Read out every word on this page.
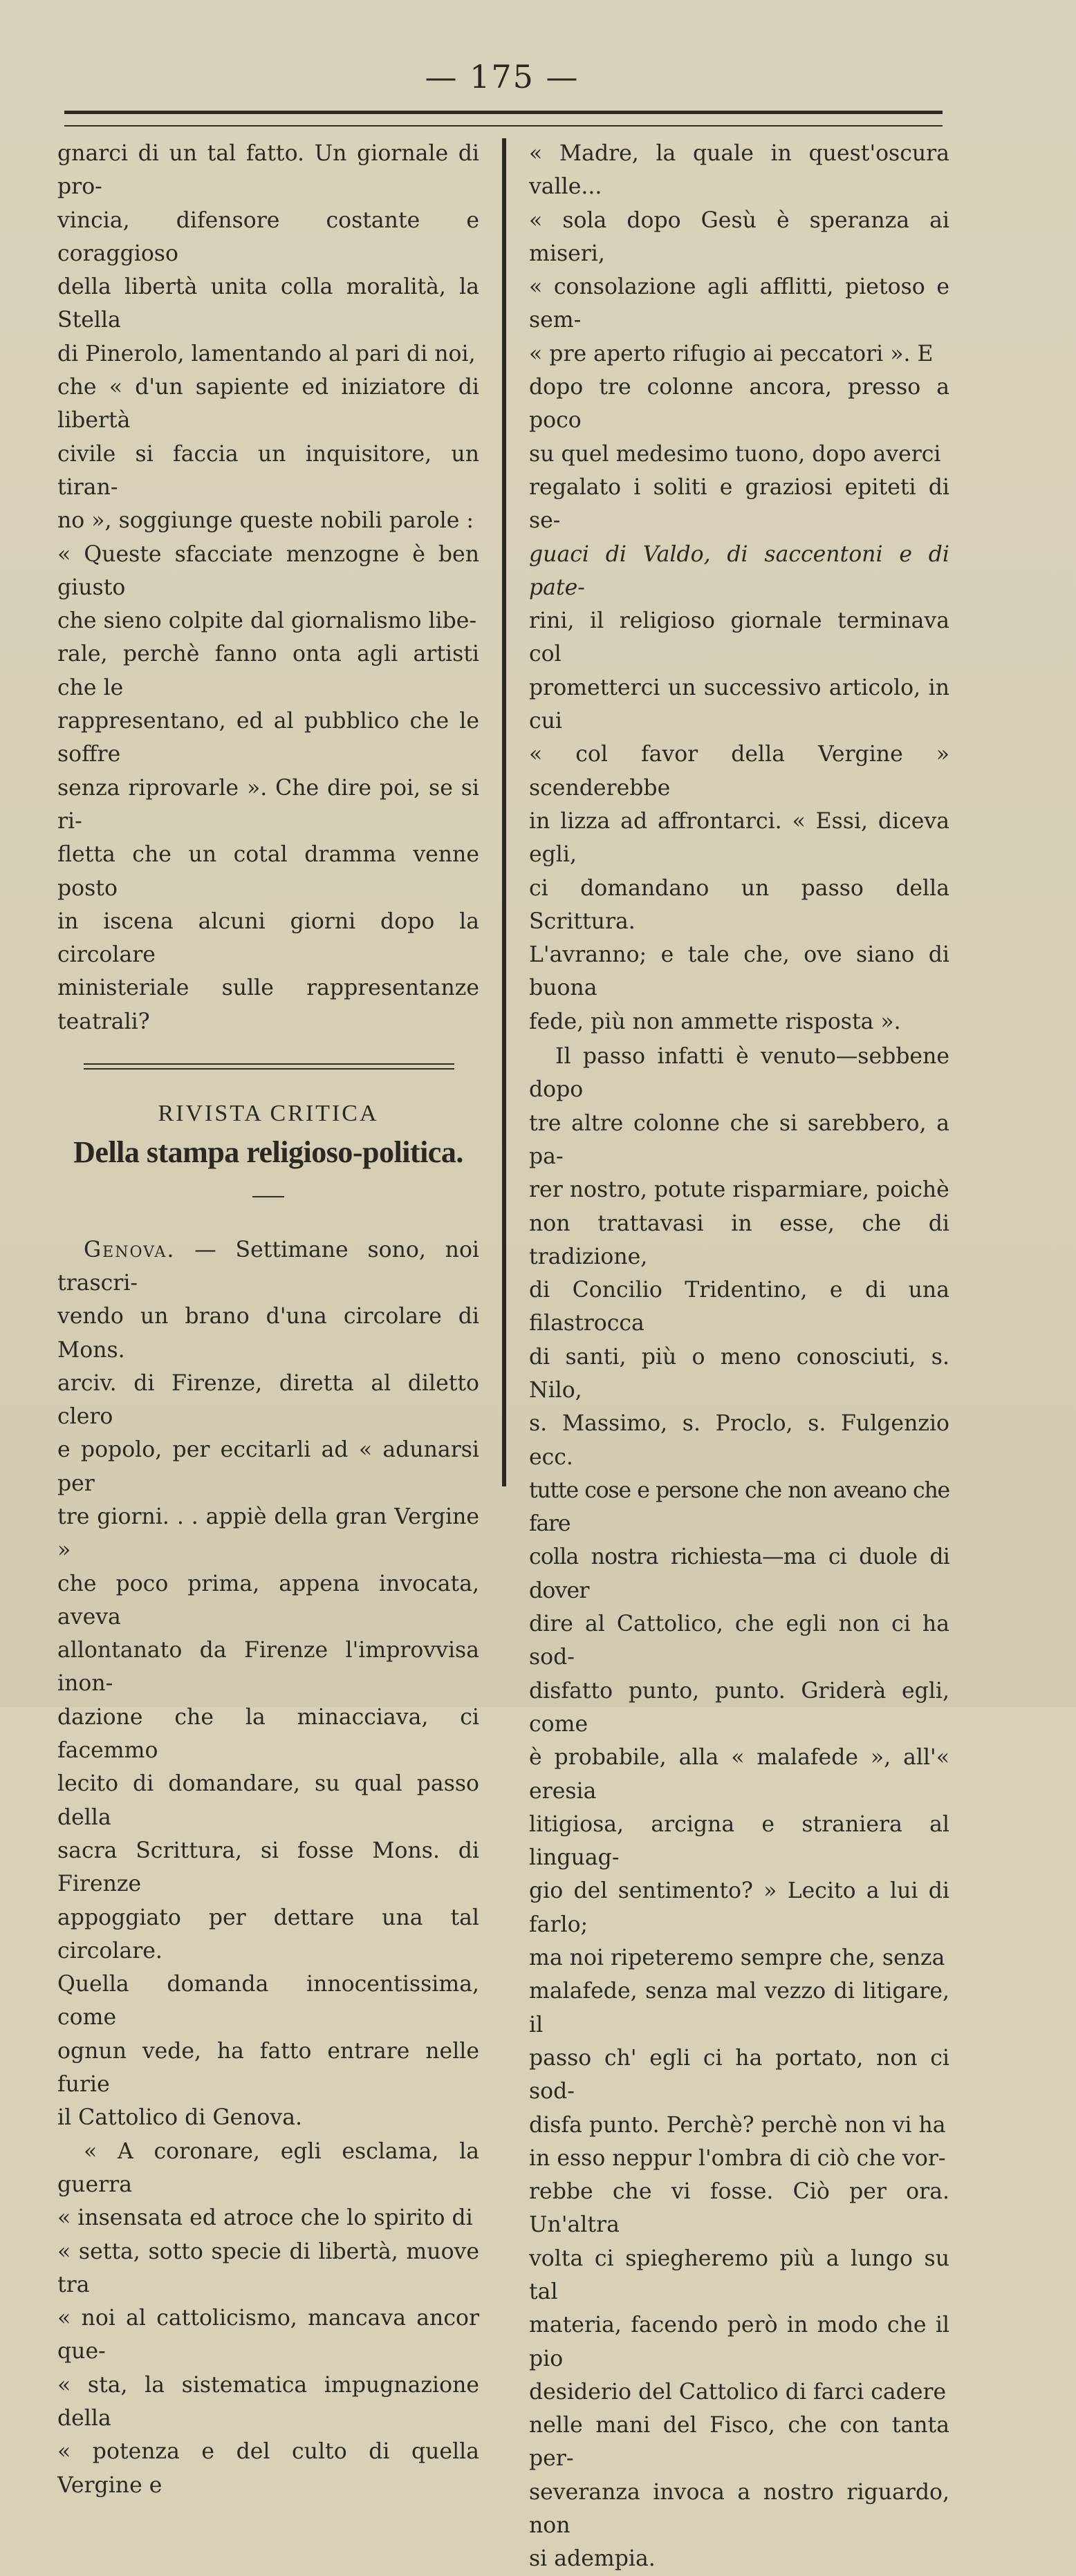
— 175 —
gnarci di un tal fatto. Un giornale di pro-
vincia, difensore costante e coraggioso
della libertà unita colla moralità, la Stella
di Pinerolo, lamentando al pari di noi,
che « d'un sapiente ed iniziatore di libertà
civile si faccia un inquisitore, un tiran-
no », soggiunge queste nobili parole :
« Queste sfacciate menzogne è ben giusto
che sieno colpite dal giornalismo libe-
rale, perchè fanno onta agli artisti che le
rappresentano, ed al pubblico che le soffre
senza riprovarle ». Che dire poi, se si ri-
fletta che un cotal dramma venne posto
in iscena alcuni giorni dopo la circolare
ministeriale sulle rappresentanze teatrali?
RIVISTA CRITICA
Della stampa religioso-politica.
Genova. — Settimane sono, noi trascri-
vendo un brano d'una circolare di Mons.
arciv. di Firenze, diretta al diletto clero
e popolo, per eccitarli ad « adunarsi per
tre giorni. . . appiè della gran Vergine »
che poco prima, appena invocata, aveva
allontanato da Firenze l'improvvisa inon-
dazione che la minacciava, ci facemmo
lecito di domandare, su qual passo della
sacra Scrittura, si fosse Mons. di Firenze
appoggiato per dettare una tal circolare.
Quella domanda innocentissima, come
ognun vede, ha fatto entrare nelle furie
il Cattolico di Genova.
« A coronare, egli esclama, la guerra
« insensata ed atroce che lo spirito di
« setta, sotto specie di libertà, muove tra
« noi al cattolicismo, mancava ancor que-
« sta, la sistematica impugnazione della
« potenza e del culto di quella Vergine e
« Madre, la quale in quest'oscura valle...
« sola dopo Gesù è speranza ai miseri,
« consolazione agli afflitti, pietoso e sem-
« pre aperto rifugio ai peccatori ». E
dopo tre colonne ancora, presso a poco
su quel medesimo tuono, dopo averci
regalato i soliti e graziosi epiteti di se-
guaci di Valdo, di saccentoni e di pate-
rini, il religioso giornale terminava col
prometterci un successivo articolo, in cui
« col favor della Vergine » scenderebbe
in lizza ad affrontarci. « Essi, diceva egli,
ci domandano un passo della Scrittura.
L'avranno; e tale che, ove siano di buona
fede, più non ammette risposta ».
Il passo infatti è venuto—sebbene dopo
tre altre colonne che si sarebbero, a pa-
rer nostro, potute risparmiare, poichè
non trattavasi in esse, che di tradizione,
di Concilio Tridentino, e di una filastrocca
di santi, più o meno conosciuti, s. Nilo,
s. Massimo, s. Proclo, s. Fulgenzio ecc.
tutte cose e persone che non aveano che fare
colla nostra richiesta—ma ci duole di dover
dire al Cattolico, che egli non ci ha sod-
disfatto punto, punto. Griderà egli, come
è probabile, alla « malafede », all'« eresia
litigiosa, arcigna e straniera al linguag-
gio del sentimento? » Lecito a lui di farlo;
ma noi ripeteremo sempre che, senza
malafede, senza mal vezzo di litigare, il
passo ch' egli ci ha portato, non ci sod-
disfa punto. Perchè? perchè non vi ha
in esso neppur l'ombra di ciò che vor-
rebbe che vi fosse. Ciò per ora. Un'altra
volta ci spiegheremo più a lungo su tal
materia, facendo però in modo che il pio
desiderio del Cattolico di farci cadere
nelle mani del Fisco, che con tanta per-
severanza invoca a nostro riguardo, non
si adempia.
